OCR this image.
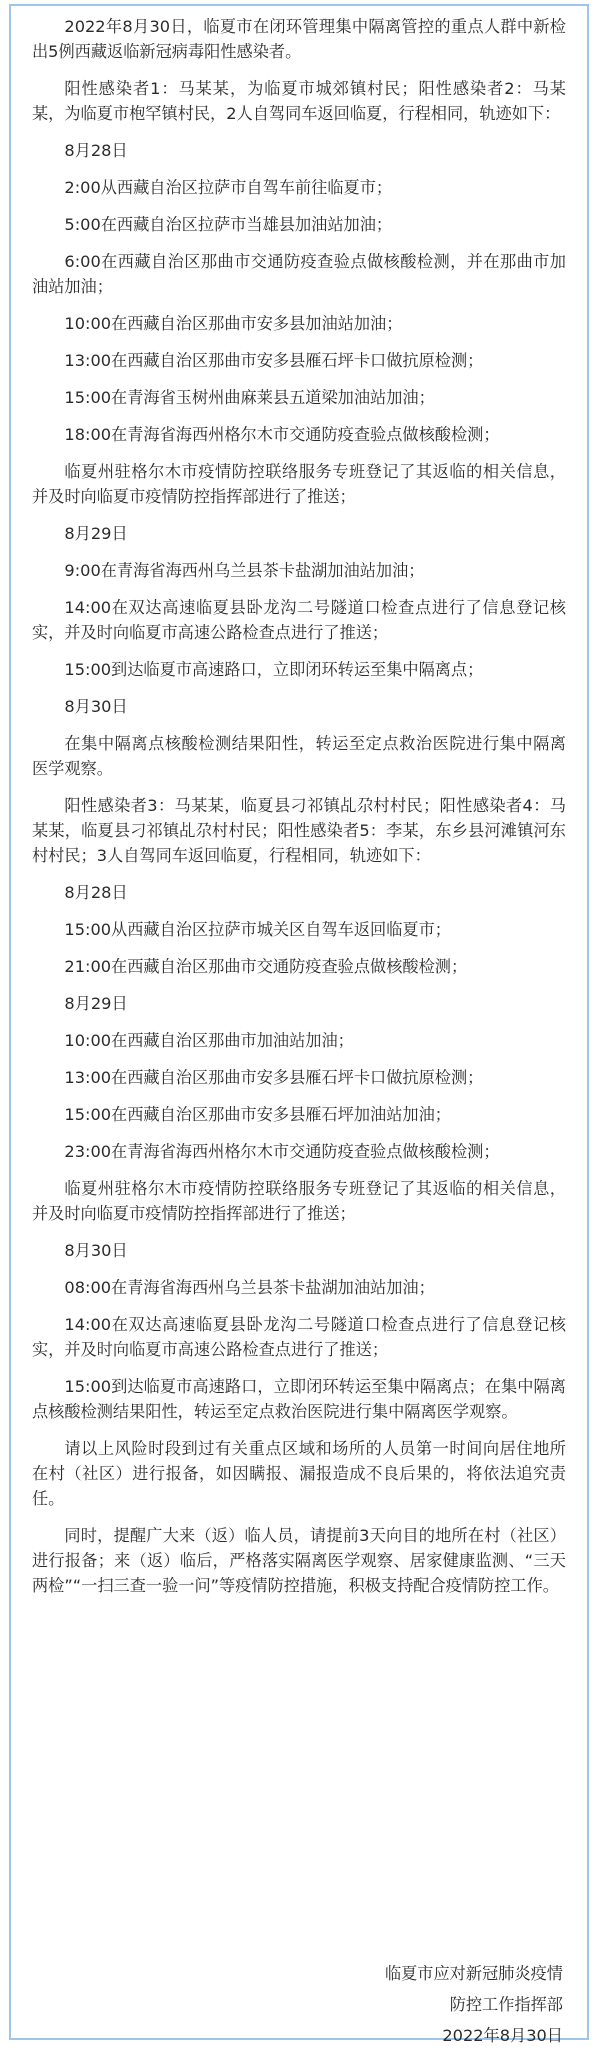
2022年8月30日，临夏市在闭环管理集中隔离管控的重点人群中新检出5例西藏返临新冠病毒阳性感染者。

阳性感染者1：马某某，为临夏市城郊镇村民；阳性感染者2：马某某，为临夏市枹罕镇村民，2人自驾同车返回临夏，行程相同，轨迹如下：

8月28日

2:00从西藏自治区拉萨市自驾车前往临夏市；

5:00在西藏自治区拉萨市当雄县加油站加油；

6:00在西藏自治区那曲市交通防疫查验点做核酸检测，并在那曲市加油站加油；

10:00在西藏自治区那曲市安多县加油站加油；

13:00在西藏自治区那曲市安多县雁石坪卡口做抗原检测；

15:00在青海省玉树州曲麻莱县五道梁加油站加油；

18:00在青海省海西州格尔木市交通防疫查验点做核酸检测；

临夏州驻格尔木市疫情防控联络服务专班登记了其返临的相关信息，并及时向临夏市疫情防控指挥部进行了推送；

8月29日

9:00在青海省海西州乌兰县茶卡盐湖加油站加油；

14:00在双达高速临夏县卧龙沟二号隧道口检查点进行了信息登记核实，并及时向临夏市高速公路检查点进行了推送；

15:00到达临夏市高速路口，立即闭环转运至集中隔离点；

8月30日

在集中隔离点核酸检测结果阳性，转运至定点救治医院进行集中隔离医学观察。

阳性感染者3：马某某，临夏县刁祁镇乩尕村村民；阳性感染者4：马某某，临夏县刁祁镇乩尕村村民；阳性感染者5：李某，东乡县河滩镇河东村村民；3人自驾同车返回临夏，行程相同，轨迹如下：

8月28日

15:00从西藏自治区拉萨市城关区自驾车返回临夏市；

21:00在西藏自治区那曲市交通防疫查验点做核酸检测；

8月29日

10:00在西藏自治区那曲市加油站加油；

13:00在西藏自治区那曲市安多县雁石坪卡口做抗原检测；

15:00在西藏自治区那曲市安多县雁石坪加油站加油；

23:00在青海省海西州格尔木市交通防疫查验点做核酸检测；

临夏州驻格尔木市疫情防控联络服务专班登记了其返临的相关信息，并及时向临夏市疫情防控指挥部进行了推送；

8月30日

08:00在青海省海西州乌兰县茶卡盐湖加油站加油；

14:00在双达高速临夏县卧龙沟二号隧道口检查点进行了信息登记核实，并及时向临夏市高速公路检查点进行了推送；

15:00到达临夏市高速路口，立即闭环转运至集中隔离点；在集中隔离点核酸检测结果阳性，转运至定点救治医院进行集中隔离医学观察。

请以上风险时段到过有关重点区域和场所的人员第一时间向居住地所在村（社区）进行报备，如因瞒报、漏报造成不良后果的，将依法追究责任。

同时，提醒广大来（返）临人员，请提前3天向目的地所在村（社区）进行报备；来（返）临后，严格落实隔离医学观察、居家健康监测、“三天两检”“一扫三查一验一问”等疫情防控措施，积极支持配合疫情防控工作。

临夏市应对新冠肺炎疫情
防控工作指挥部
2022年8月30日
